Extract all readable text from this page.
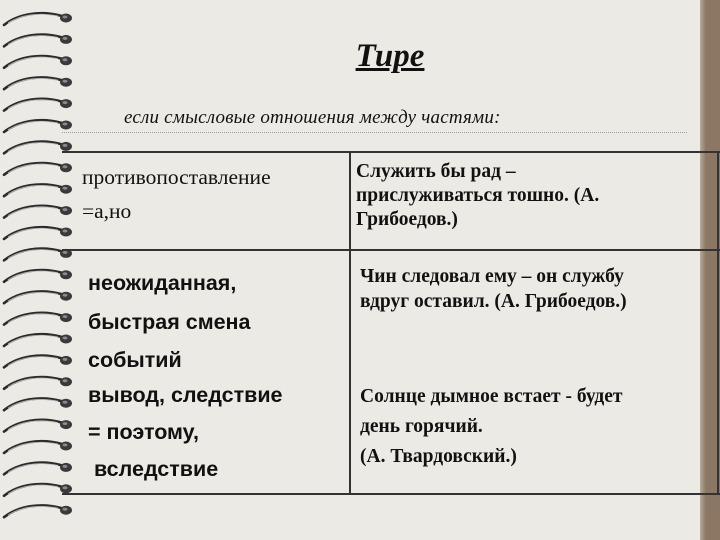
Тире
если смысловые отношения между частями:
противопоставление
=а,но
Служить бы рад –
прислуживаться тошно. (А.
Грибоедов.)
неожиданная,
быстрая смена
событий
Чин следовал ему – он службу
вдруг оставил. (А. Грибоедов.)
вывод, следствие
= поэтому,
вследствие
Солнце дымное встает - будет
день горячий.
(А. Твардовский.)
